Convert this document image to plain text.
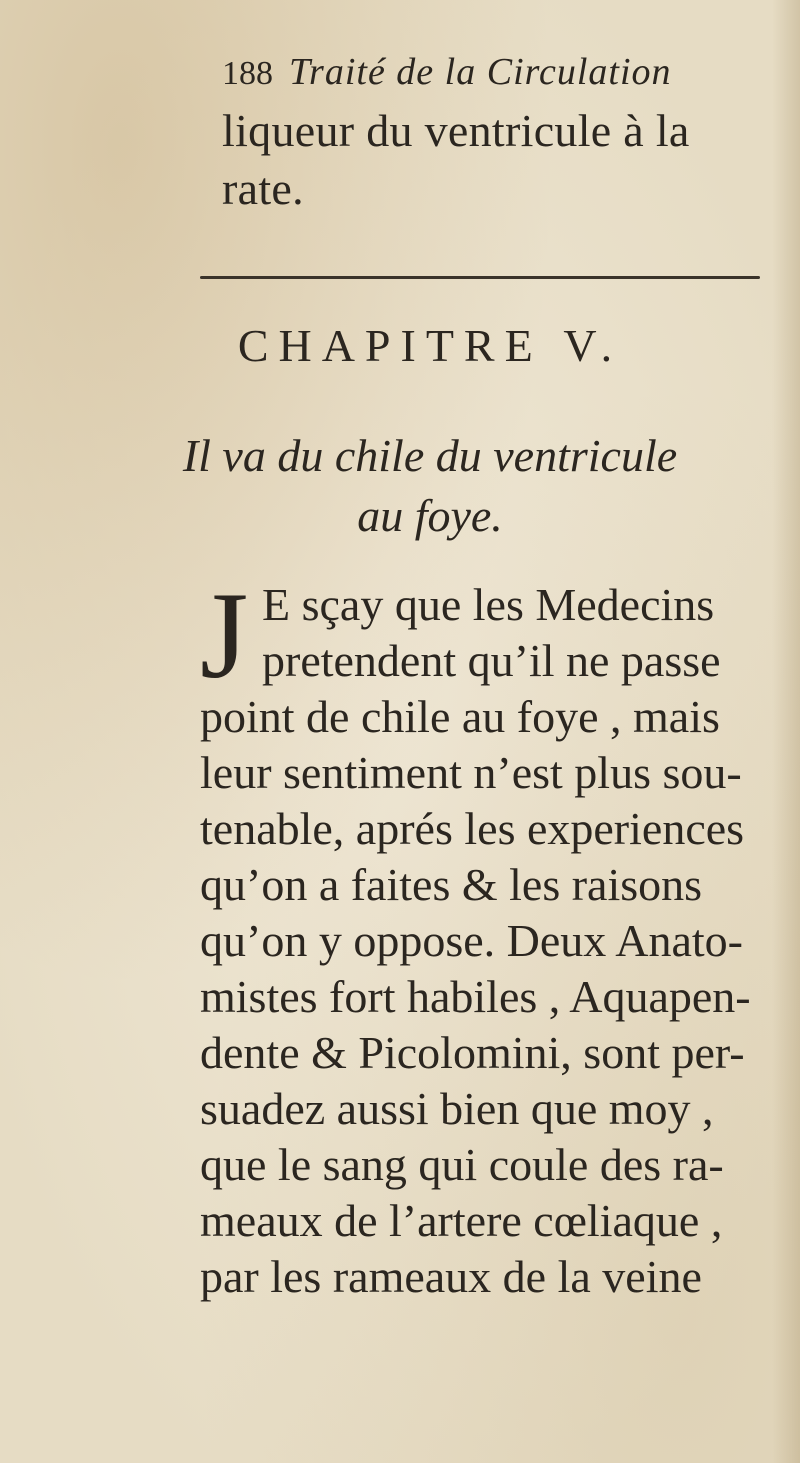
188 Traité de la Circulation
liqueur du ventricule à la
rate.
CHAPITRE V.
Il va du chile du ventricule
au foye.
J E sçay que les Medecins
pretendent qu’il ne passe
point de chile au foye , mais
leur sentiment n’est plus sou-
tenable, aprés les experiences
qu’on a faites & les raisons
qu’on y oppose. Deux Anato-
mistes fort habiles , Aquapen-
dente & Picolomini, sont per-
suadez aussi bien que moy ,
que le sang qui coule des ra-
meaux de l’artere cœliaque ,
par les rameaux de la veine
